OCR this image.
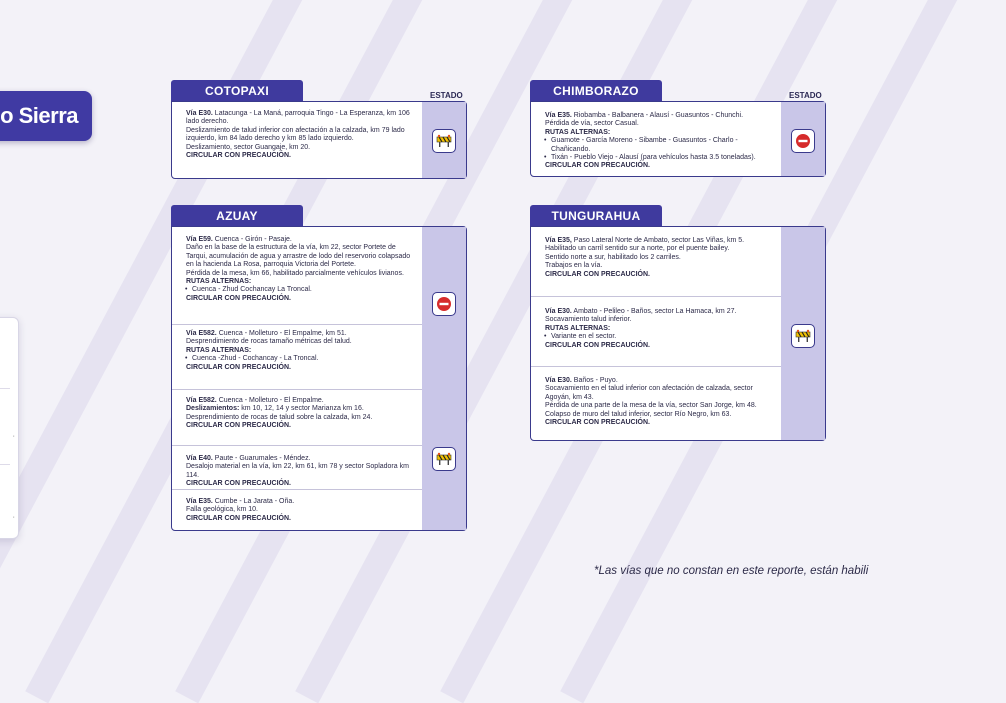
o Sierra
·
·
COTOPAXI	ESTADO

Vía E30. Latacunga - La Maná, parroquia Tingo - La Esperanza, km 106 lado derecho.

Deslizamiento de talud inferior con afectación a la calzada, km 79 lado izquierdo, km 84 lado derecho y km 85 lado izquierdo.

Deslizamiento, sector Guangaje, km 20.

CIRCULAR CON PRECAUCIÓN.
CHIMBORAZO	ESTADO

Vía E35. Riobamba - Balbanera - Alausí - Guasuntos - Chunchi.

Pérdida de vía, sector Casual.

RUTAS ALTERNAS:
• Guamote - García Moreno - Sibambe - Guasuntos - Charlo - Chañicando.
• Tixán - Pueblo Viejo - Alausí (para vehículos hasta 3.5 toneladas).
CIRCULAR CON PRECAUCIÓN.
AZUAY

Vía E59. Cuenca - Girón - Pasaje.

Daño en la base de la estructura de la vía, km 22, sector Portete de Tarqui, acumulación de agua y arrastre de lodo del reservorio colapsado en la hacienda La Rosa, parroquia Victoria del Portete.

Pérdida de la mesa, km 66, habilitado parcialmente vehículos livianos.

RUTAS ALTERNAS:
• Cuenca - Zhud Cochancay La Troncal.
CIRCULAR CON PRECAUCIÓN.

Vía E582. Cuenca - Molleturo - El Empalme, km 51.

Desprendimiento de rocas tamaño métricas del talud.

RUTAS ALTERNAS:
• Cuenca -Zhud - Cochancay - La Troncal.
CIRCULAR CON PRECAUCIÓN.

Vía E582. Cuenca - Molleturo - El Empalme.

Deslizamientos: km 10, 12, 14 y sector Marianza km 16.

Desprendimiento de rocas de talud sobre la calzada, km 24.

CIRCULAR CON PRECAUCIÓN.

Vía E40. Paute - Guarumales - Méndez.

Desalojo material en la vía, km 22, km 61, km 78 y sector Sopladora km 114.

CIRCULAR CON PRECAUCIÓN.

Vía E35. Cumbe - La Jarata - Oña.

Falla geológica, km 10.

CIRCULAR CON PRECAUCIÓN.
TUNGURAHUA

Vía E35, Paso Lateral Norte de Ambato, sector Las Viñas, km 5.

Habilitado un carril sentido sur a norte, por el puente bailey.

Sentido norte a sur, habilitado los 2 carriles.

Trabajos en la vía.

CIRCULAR CON PRECAUCIÓN.

Vía E30. Ambato - Pelileo - Baños, sector La Hamaca, km 27.

Socavamiento talud inferior.

RUTAS ALTERNAS:
• Variante en el sector.
CIRCULAR CON PRECAUCIÓN.

Vía E30. Baños - Puyo.

Socavamiento en el talud inferior con afectación de calzada, sector Agoyán, km 43.

Pérdida de una parte de la mesa de la vía, sector San Jorge, km 48.

Colapso de muro del talud inferior, sector Río Negro, km 63.

CIRCULAR CON PRECAUCIÓN.
*Las vías que no constan en este reporte, están habili
